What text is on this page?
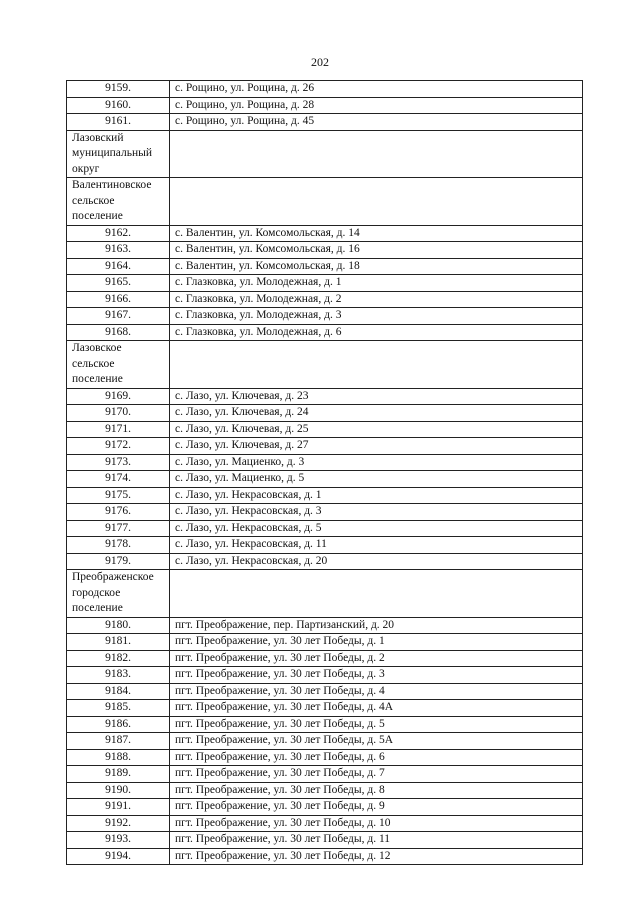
202
9159.	с. Рощино, ул. Рощина, д. 26
9160.	с. Рощино, ул. Рощина, д. 28
9161.	с. Рощино, ул. Рощина, д. 45

Лазовский
муниципальный
округ	

Валентиновское
сельское
поселение	

9162.	с. Валентин, ул. Комсомольская, д. 14
9163.	с. Валентин, ул. Комсомольская, д. 16
9164.	с. Валентин, ул. Комсомольская, д. 18
9165.	с. Глазковка, ул. Молодежная, д. 1
9166.	с. Глазковка, ул. Молодежная, д. 2
9167.	с. Глазковка, ул. Молодежная, д. 3
9168.	с. Глазковка, ул. Молодежная, д. 6

Лазовское
сельское
поселение	

9169.	с. Лазо, ул. Ключевая, д. 23
9170.	с. Лазо, ул. Ключевая, д. 24
9171.	с. Лазо, ул. Ключевая, д. 25
9172.	с. Лазо, ул. Ключевая, д. 27
9173.	с. Лазо, ул. Мациенко, д. 3
9174.	с. Лазо, ул. Мациенко, д. 5
9175.	с. Лазо, ул. Некрасовская, д. 1
9176.	с. Лазо, ул. Некрасовская, д. 3
9177.	с. Лазо, ул. Некрасовская, д. 5
9178.	с. Лазо, ул. Некрасовская, д. 11
9179.	с. Лазо, ул. Некрасовская, д. 20

Преображенское
городское
поселение	

9180.	пгт. Преображение, пер. Партизанский, д. 20
9181.	пгт. Преображение, ул. 30 лет Победы, д. 1
9182.	пгт. Преображение, ул. 30 лет Победы, д. 2
9183.	пгт. Преображение, ул. 30 лет Победы, д. 3
9184.	пгт. Преображение, ул. 30 лет Победы, д. 4
9185.	пгт. Преображение, ул. 30 лет Победы, д. 4А
9186.	пгт. Преображение, ул. 30 лет Победы, д. 5
9187.	пгт. Преображение, ул. 30 лет Победы, д. 5А
9188.	пгт. Преображение, ул. 30 лет Победы, д. 6
9189.	пгт. Преображение, ул. 30 лет Победы, д. 7
9190.	пгт. Преображение, ул. 30 лет Победы, д. 8
9191.	пгт. Преображение, ул. 30 лет Победы, д. 9
9192.	пгт. Преображение, ул. 30 лет Победы, д. 10
9193.	пгт. Преображение, ул. 30 лет Победы, д. 11
9194.	пгт. Преображение, ул. 30 лет Победы, д. 12
